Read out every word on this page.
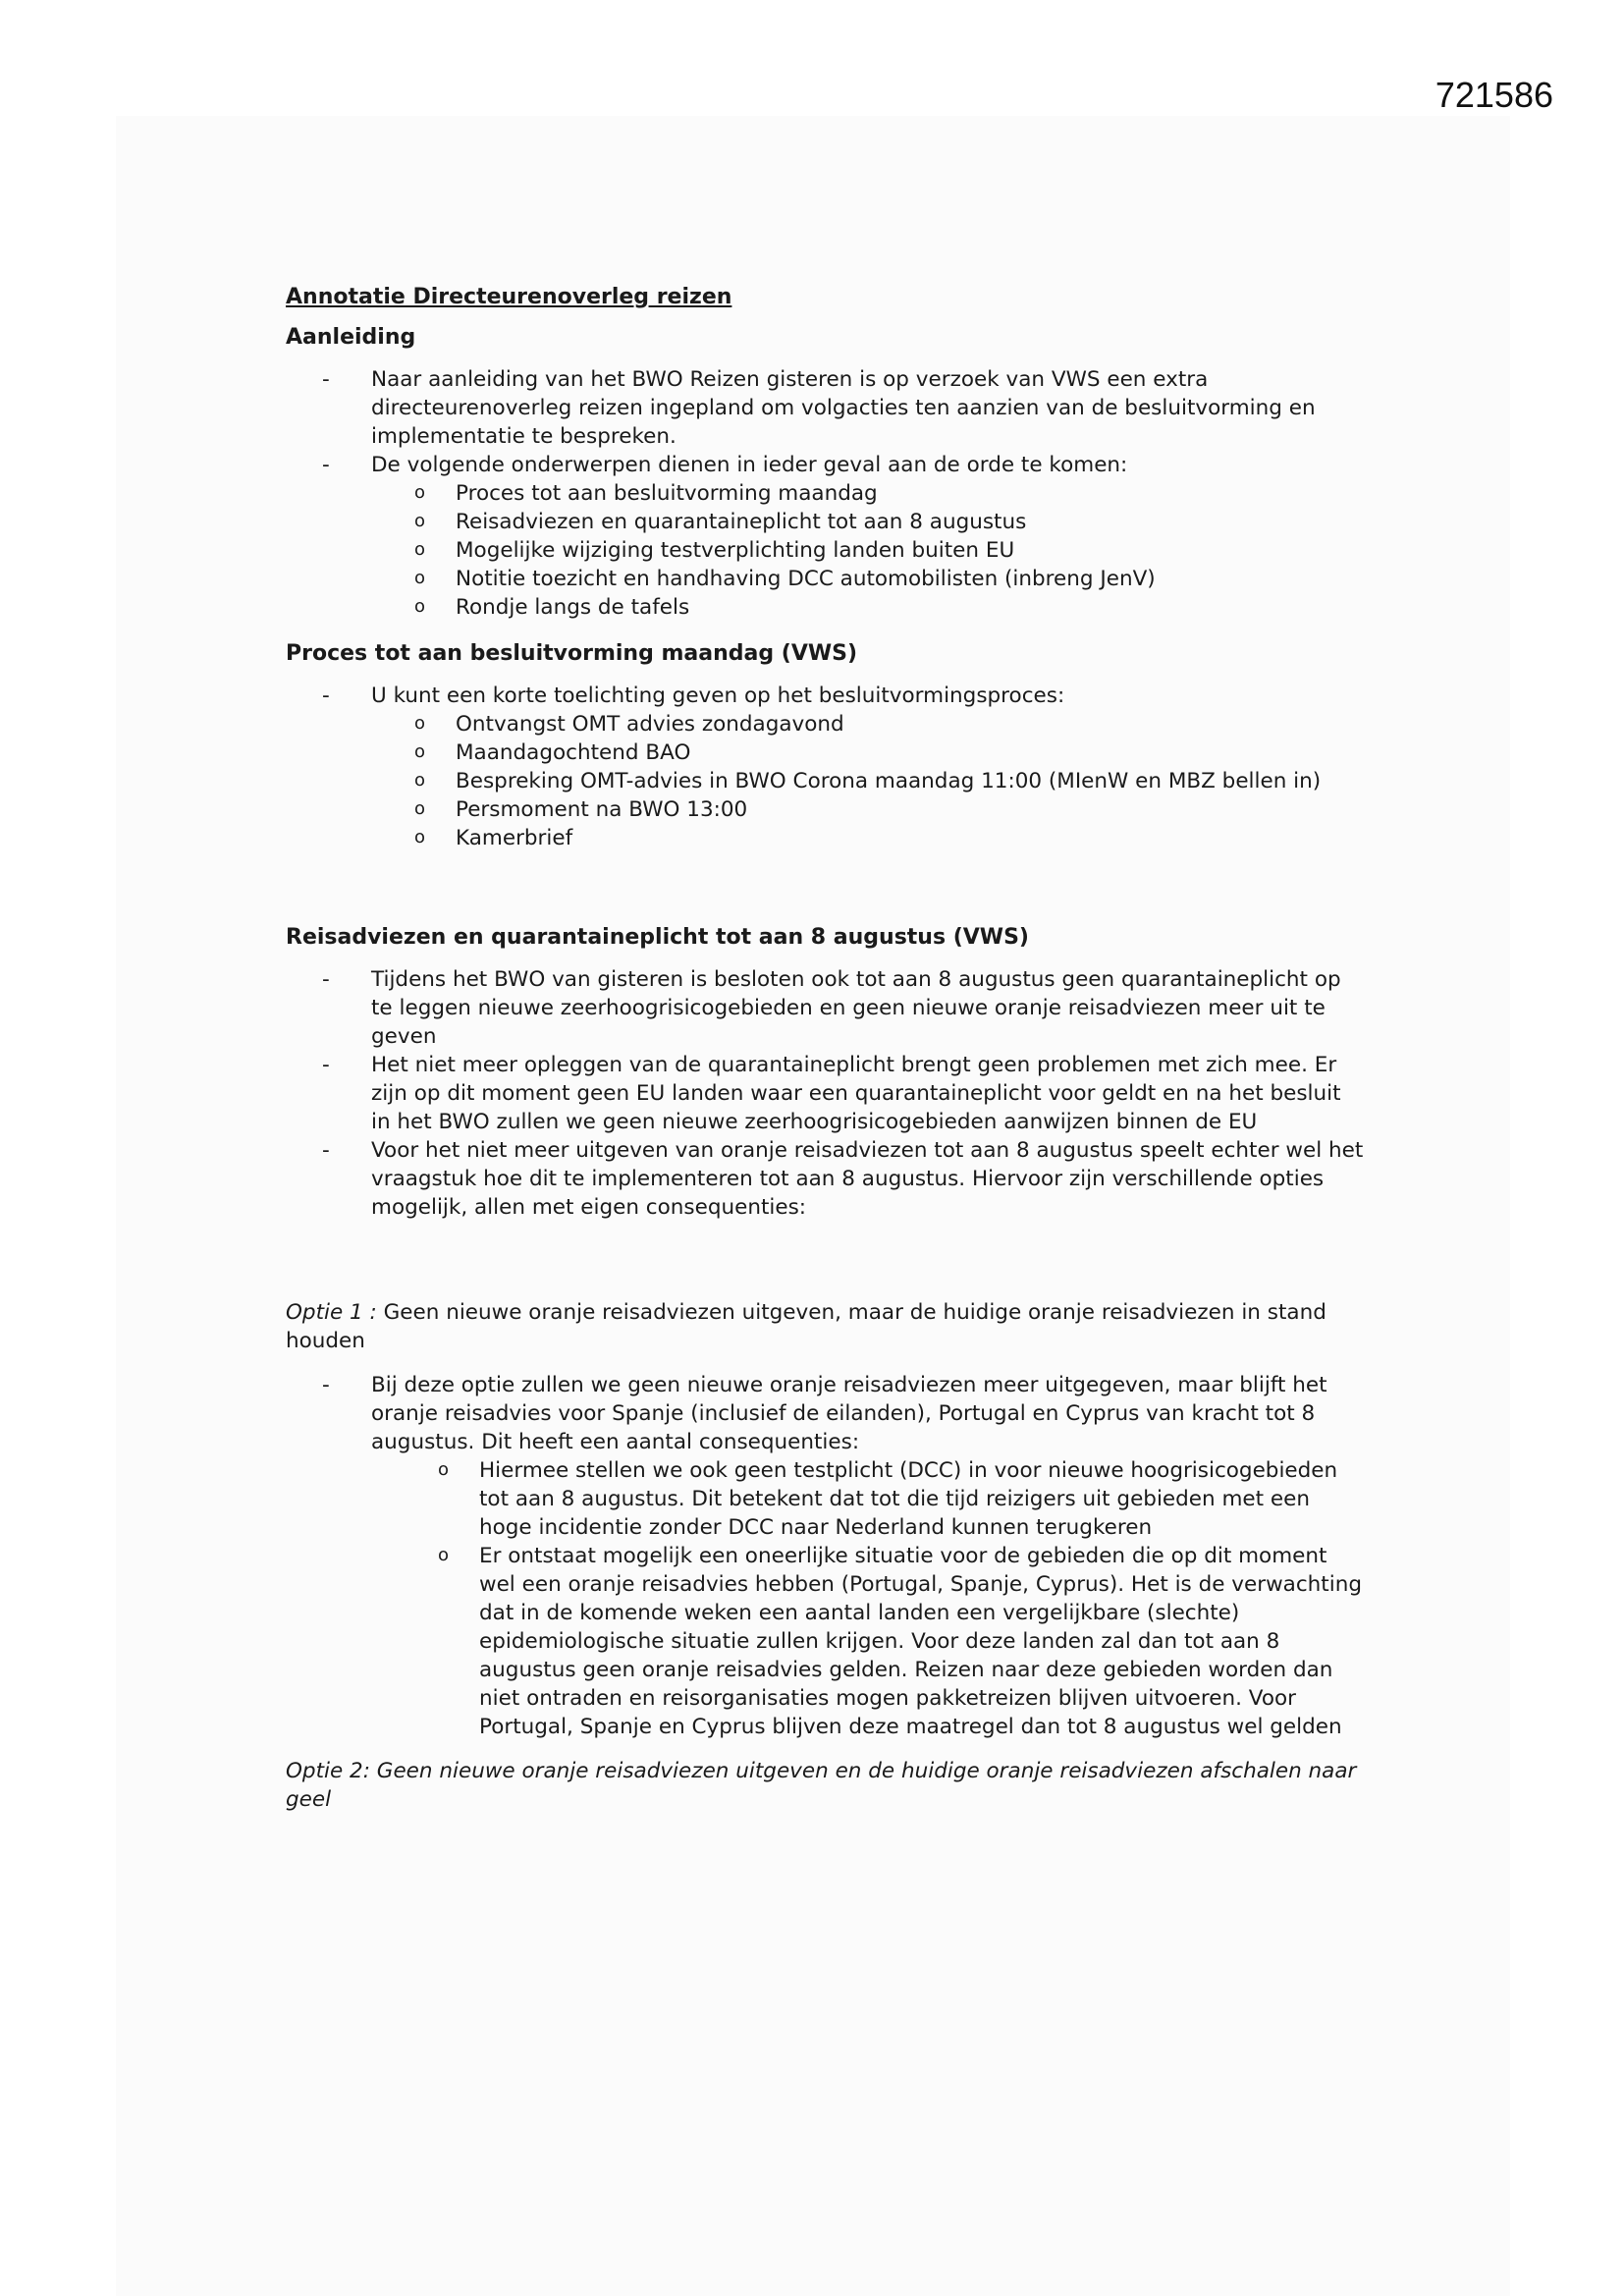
721586
Annotatie Directeurenoverleg reizen
Aanleiding
- Naar aanleiding van het BWO Reizen gisteren is op verzoek van VWS een extra directeurenoverleg reizen ingepland om volgacties ten aanzien van de besluitvorming en implementatie te bespreken.
- De volgende onderwerpen dienen in ieder geval aan de orde te komen:
o Proces tot aan besluitvorming maandag
o Reisadviezen en quarantaineplicht tot aan 8 augustus
o Mogelijke wijziging testverplichting landen buiten EU
o Notitie toezicht en handhaving DCC automobilisten (inbreng JenV)
o Rondje langs de tafels
Proces tot aan besluitvorming maandag (VWS)
- U kunt een korte toelichting geven op het besluitvormingsproces:
o Ontvangst OMT advies zondagavond
o Maandagochtend BAO
o Bespreking OMT-advies in BWO Corona maandag 11:00 (MIenW en MBZ bellen in)
o Persmoment na BWO 13:00
o Kamerbrief
Reisadviezen en quarantaineplicht tot aan 8 augustus (VWS)
- Tijdens het BWO van gisteren is besloten ook tot aan 8 augustus geen quarantaineplicht op te leggen nieuwe zeerhoogrisicogebieden en geen nieuwe oranje reisadviezen meer uit te geven
- Het niet meer opleggen van de quarantaineplicht brengt geen problemen met zich mee. Er zijn op dit moment geen EU landen waar een quarantaineplicht voor geldt en na het besluit in het BWO zullen we geen nieuwe zeerhoogrisicogebieden aanwijzen binnen de EU
- Voor het niet meer uitgeven van oranje reisadviezen tot aan 8 augustus speelt echter wel het vraagstuk hoe dit te implementeren tot aan 8 augustus. Hiervoor zijn verschillende opties mogelijk, allen met eigen consequenties:
Optie 1 : Geen nieuwe oranje reisadviezen uitgeven, maar de huidige oranje reisadviezen in stand houden
- Bij deze optie zullen we geen nieuwe oranje reisadviezen meer uitgegeven, maar blijft het oranje reisadvies voor Spanje (inclusief de eilanden), Portugal en Cyprus van kracht tot 8 augustus. Dit heeft een aantal consequenties:
o Hiermee stellen we ook geen testplicht (DCC) in voor nieuwe hoogrisicogebieden tot aan 8 augustus. Dit betekent dat tot die tijd reizigers uit gebieden met een hoge incidentie zonder DCC naar Nederland kunnen terugkeren
o Er ontstaat mogelijk een oneerlijke situatie voor de gebieden die op dit moment wel een oranje reisadvies hebben (Portugal, Spanje, Cyprus). Het is de verwachting dat in de komende weken een aantal landen een vergelijkbare (slechte) epidemiologische situatie zullen krijgen. Voor deze landen zal dan tot aan 8 augustus geen oranje reisadvies gelden. Reizen naar deze gebieden worden dan niet ontraden en reisorganisaties mogen pakketreizen blijven uitvoeren. Voor Portugal, Spanje en Cyprus blijven deze maatregel dan tot 8 augustus wel gelden
Optie 2: Geen nieuwe oranje reisadviezen uitgeven en de huidige oranje reisadviezen afschalen naar geel
